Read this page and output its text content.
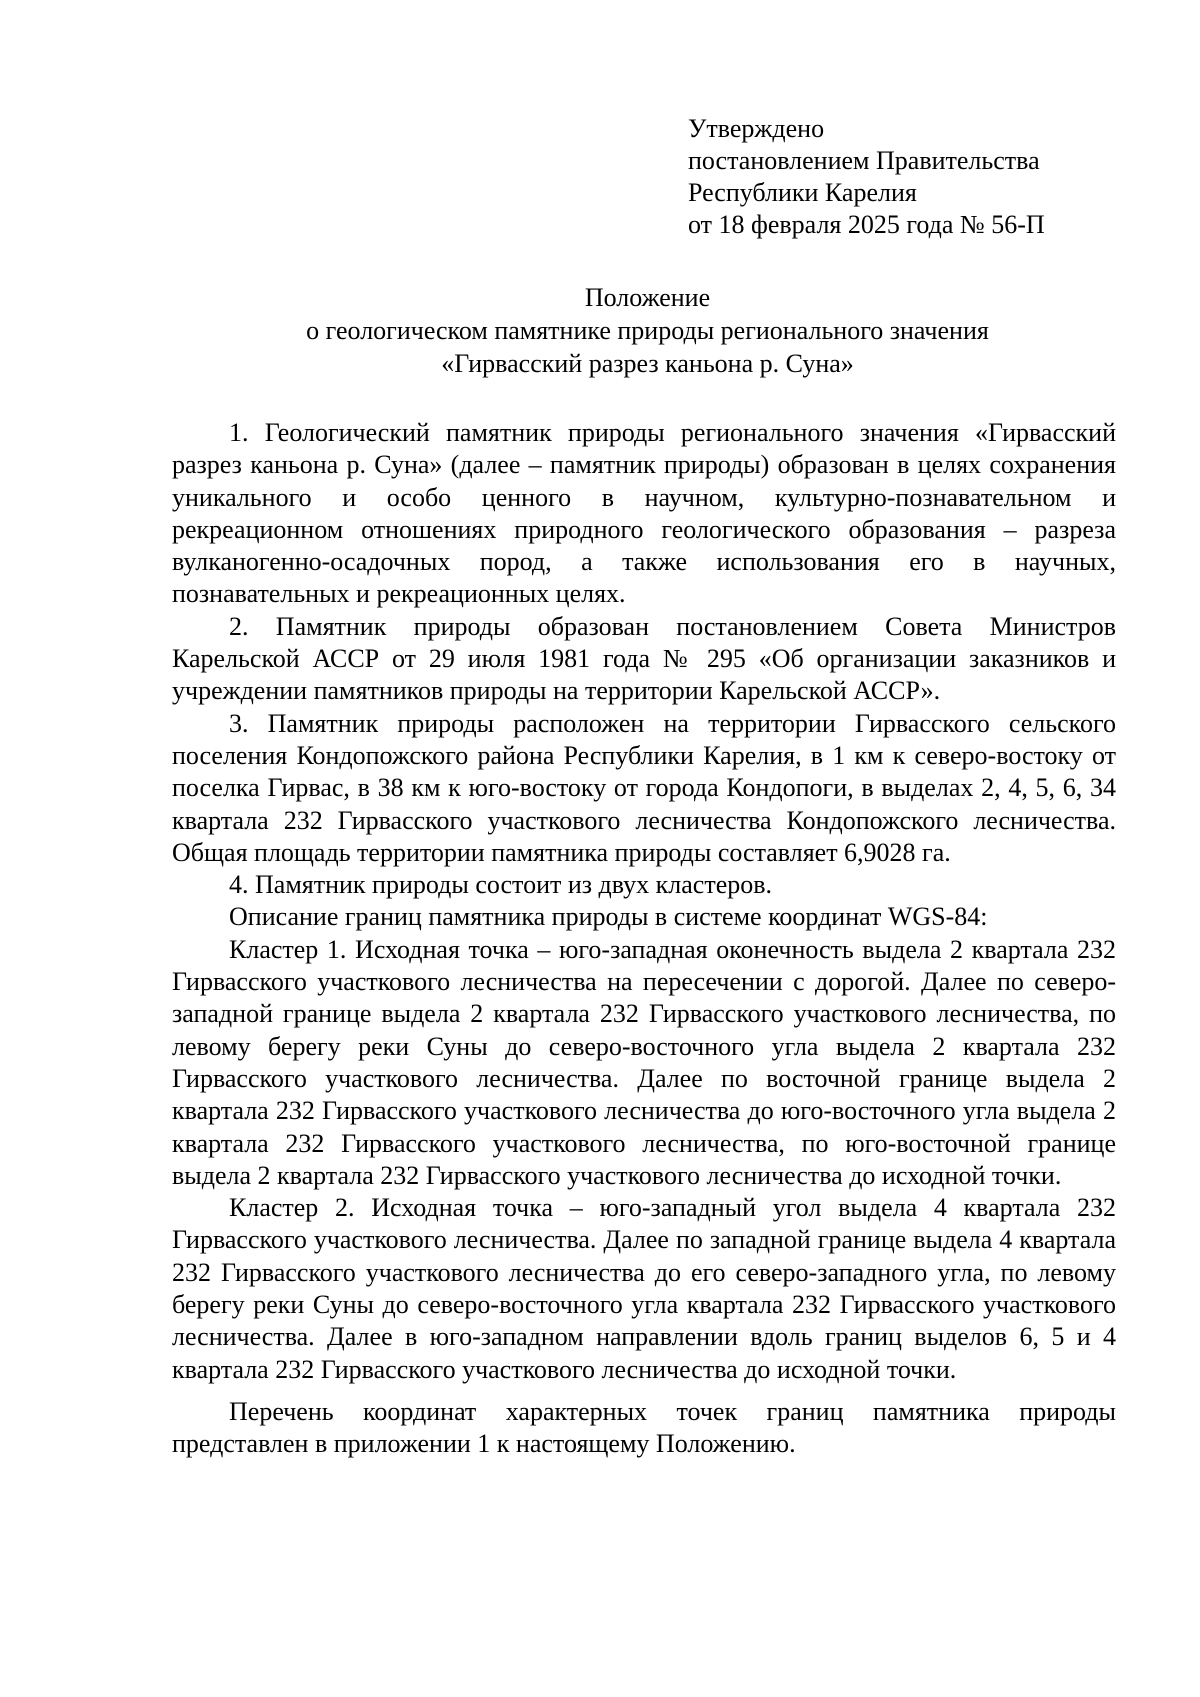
Утверждено
постановлением Правительства
Республики Карелия
от 18 февраля 2025 года № 56-П
Положение
о геологическом памятнике природы регионального значения
«Гирвасский разрез каньона р. Суна»

1. Геологический памятник природы регионального значения «Гирвасский разрез каньона р. Суна» (далее – памятник природы) образован в целях сохранения уникального и особо ценного в научном, культурно-познавательном и рекреационном отношениях природного геологического образования – разреза вулканогенно-осадочных пород, а также использования его в научных, познавательных и рекреационных целях.

2. Памятник природы образован постановлением Совета Министров Карельской АССР от 29 июля 1981 года № 295 «Об организации заказников и учреждении памятников природы на территории Карельской АССР».

3. Памятник природы расположен на территории Гирвасского сельского поселения Кондопожского района Республики Карелия, в 1 км к северо-востоку от поселка Гирвас, в 38 км к юго-востоку от города Кондопоги, в выделах 2, 4, 5, 6, 34 квартала 232 Гирвасского участкового лесничества Кондопожского лесничества. Общая площадь территории памятника природы составляет 6,9028 га.

4. Памятник природы состоит из двух кластеров.

Описание границ памятника природы в системе координат WGS-84:

Кластер 1. Исходная точка – юго-западная оконечность выдела 2 квартала 232 Гирвасского участкового лесничества на пересечении с дорогой. Далее по северо-западной границе выдела 2 квартала 232 Гирвасского участкового лесничества, по левому берегу реки Суны до северо-восточного угла выдела 2 квартала 232 Гирвасского участкового лесничества. Далее по восточной границе выдела 2 квартала 232 Гирвасского участкового лесничества до юго-восточного угла выдела 2 квартала 232 Гирвасского участкового лесничества, по юго-восточной границе выдела 2 квартала 232 Гирвасского участкового лесничества до исходной точки.

Кластер 2. Исходная точка – юго-западный угол выдела 4 квартала 232 Гирвасского участкового лесничества. Далее по западной границе выдела 4 квартала 232 Гирвасского участкового лесничества до его северо-западного угла, по левому берегу реки Суны до северо-восточного угла квартала 232 Гирвасского участкового лесничества. Далее в юго-западном направлении вдоль границ выделов 6, 5 и 4 квартала 232 Гирвасского участкового лесничества до исходной точки.

Перечень координат характерных точек границ памятника природы представлен в приложении 1 к настоящему Положению.
